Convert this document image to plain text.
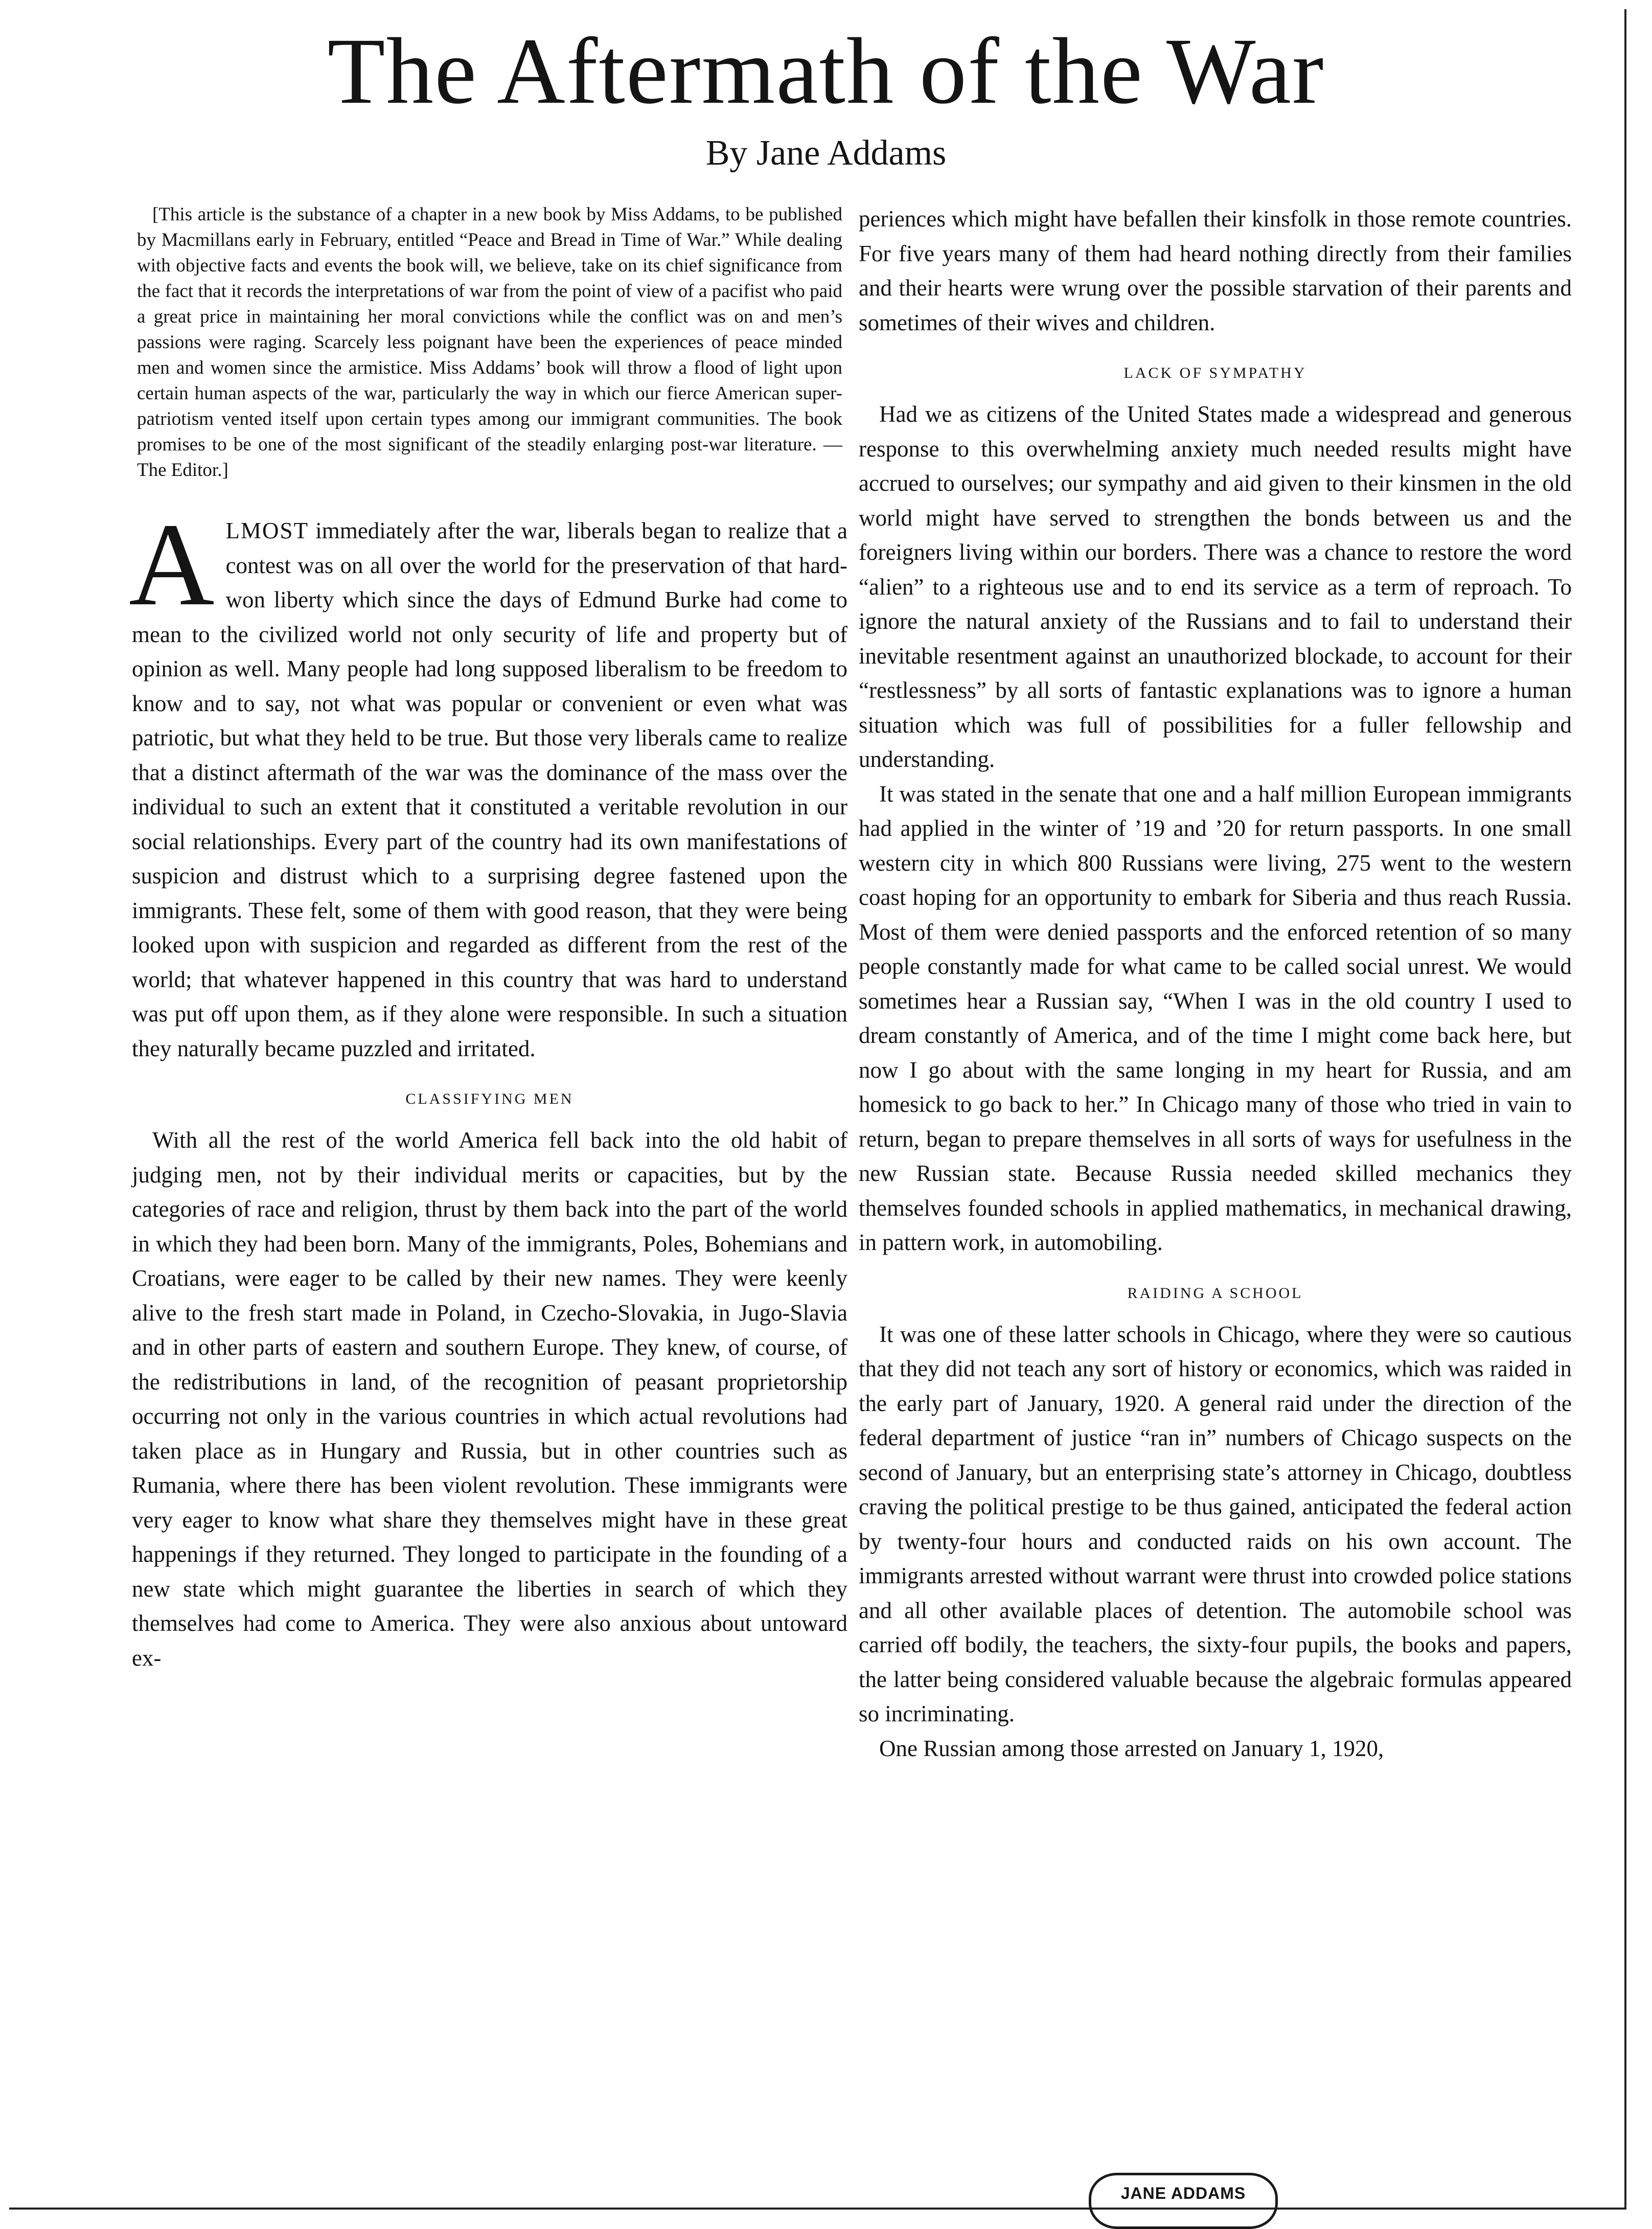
The Aftermath of the War
By Jane Addams

[This article is the substance of a chapter in a new book by Miss Addams, to be published by Macmillans early in February, entitled “Peace and Bread in Time of War.” While dealing with objective facts and events the book will, we believe, take on its chief significance from the fact that it records the interpretations of war from the point of view of a pacifist who paid a great price in maintaining her moral convictions while the conflict was on and men’s passions were raging. Scarcely less poignant have been the experiences of peace minded men and women since the armistice. Miss Addams’ book will throw a flood of light upon certain human aspects of the war, particularly the way in which our fierce American super-patriotism vented itself upon certain types among our immigrant communities. The book promises to be one of the most significant of the steadily enlarging post-war literature. —The Editor.]

A LMOST immediately after the war, liberals began to realize that a contest was on all over the world for the preservation of that hard-won liberty which since the days of Edmund Burke had come to mean to the civilized world not only security of life and property but of opinion as well. Many people had long supposed liberalism to be freedom to know and to say, not what was popular or convenient or even what was patriotic, but what they held to be true. But those very liberals came to realize that a distinct aftermath of the war was the dominance of the mass over the individual to such an extent that it constituted a veritable revolution in our social relationships. Every part of the country had its own manifestations of suspicion and distrust which to a surprising degree fastened upon the immigrants. These felt, some of them with good reason, that they were being looked upon with suspicion and regarded as different from the rest of the world; that whatever happened in this country that was hard to understand was put off upon them, as if they alone were responsible. In such a situation they naturally became puzzled and irritated.

CLASSIFYING MEN

With all the rest of the world America fell back into the old habit of judging men, not by their individual merits or capacities, but by the categories of race and religion, thrust by them back into the part of the world in which they had been born. Many of the immigrants, Poles, Bohemians and Croatians, were eager to be called by their new names. They were keenly alive to the fresh start made in Poland, in Czecho-Slovakia, in Jugo-Slavia and in other parts of eastern and southern Europe. They knew, of course, of the redistributions in land, of the recognition of peasant proprietorship occurring not only in the various countries in which actual revolutions had taken place as in Hungary and Russia, but in other countries such as Rumania, where there has been violent revolution. These immigrants were very eager to know what share they themselves might have in these great happenings if they returned. They longed to participate in the founding of a new state which might guarantee the liberties in search of which they themselves had come to America. They were also anxious about untoward ex-

periences which might have befallen their kinsfolk in those remote countries. For five years many of them had heard nothing directly from their families and their hearts were wrung over the possible starvation of their parents and sometimes of their wives and children.

LACK OF SYMPATHY

Had we as citizens of the United States made a widespread and generous response to this overwhelming anxiety much needed results might have accrued to ourselves; our sympathy and aid given to their kinsmen in the old world might have served to strengthen the bonds between us and the foreigners living within our borders. There was a chance to restore the word “alien” to a righteous use and to end its service as a term of reproach. To ignore the natural anxiety of the Russians and to fail to understand their inevitable resentment against an unauthorized blockade, to account for their “restlessness” by all sorts of fantastic explanations was to ignore a human situation which was full of possibilities for a fuller fellowship and understanding.

It was stated in the senate that one and a half million European immigrants had applied in the winter of ’19 and ’20 for return passports. In one small western city in which 800 Russians were living, 275 went to the western coast hoping for an opportunity to embark for Siberia and thus reach Russia. Most of them were denied passports and the enforced retention of so many people constantly made for what came to be called social unrest. We would sometimes hear a Russian say, “When I was in the old country I used to dream constantly of America, and of the time I might come back here, but now I go about with the same longing in my heart for Russia, and am homesick to go back to her.” In Chicago many of those who tried in vain to return, began to prepare themselves in all sorts of ways for usefulness in the new Russian state. Because Russia needed skilled mechanics they themselves founded schools in applied mathematics, in mechanical drawing, in pattern work, in automobiling.

RAIDING A SCHOOL

It was one of these latter schools in Chicago, where they were so cautious that they did not teach any sort of history or economics, which was raided in the early part of January, 1920. A general raid under the direction of the federal department of justice “ran in” numbers of Chicago suspects on the second of January, but an enterprising state’s attorney in Chicago, doubtless craving the political prestige to be thus gained, anticipated the federal action by twenty-four hours and conducted raids on his own account. The immigrants arrested without warrant were thrust into crowded police stations and all other available places of detention. The automobile school was carried off bodily, the teachers, the sixty-four pupils, the books and papers, the latter being considered valuable because the algebraic formulas appeared so incriminating.

One Russian among those arrested on January 1, 1920,

JANE ADDAMS
